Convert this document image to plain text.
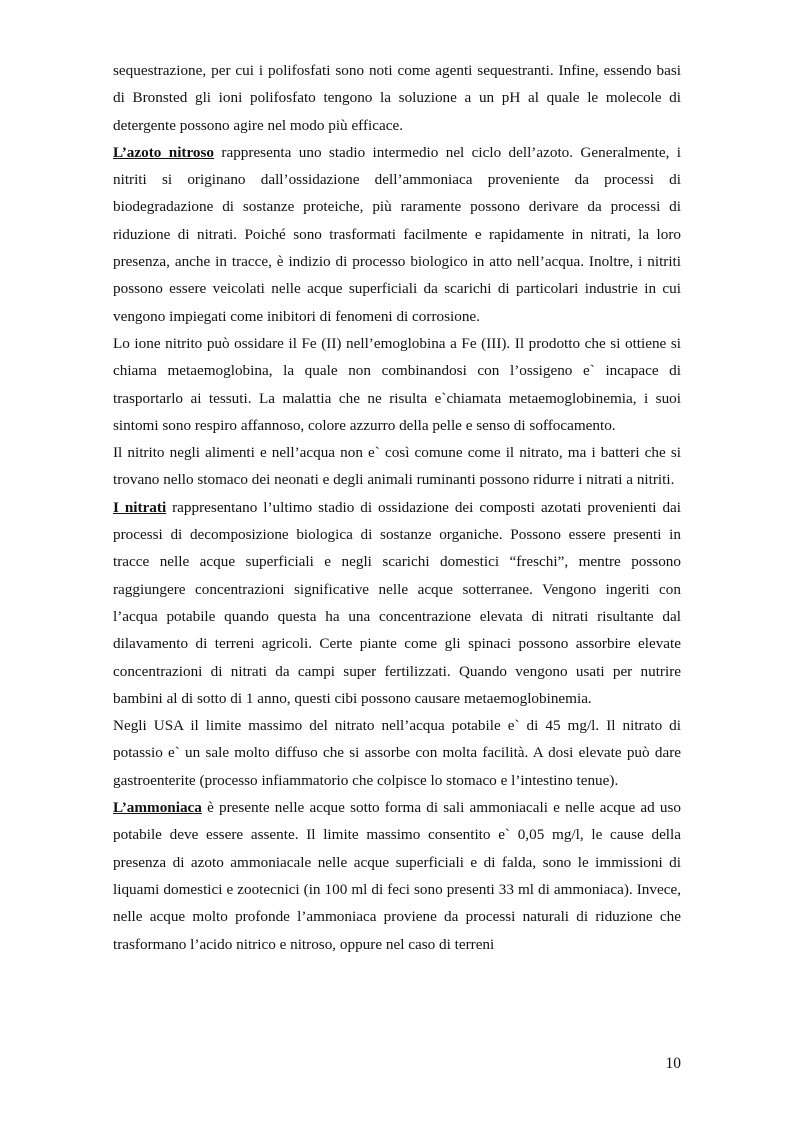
sequestrazione, per cui i polifosfati sono noti come agenti sequestranti. Infine, essendo basi di Bronsted gli ioni polifosfato tengono la soluzione a un pH al quale le molecole di detergente possono agire nel modo più efficace.

L’azoto nitroso rappresenta uno stadio intermedio nel ciclo dell’azoto. Generalmente, i nitriti si originano dall’ossidazione dell’ammoniaca proveniente da processi di biodegradazione di sostanze proteiche, più raramente possono derivare da processi di riduzione di nitrati. Poiché sono trasformati facilmente e rapidamente in nitrati, la loro presenza, anche in tracce, è indizio di processo biologico in atto nell’acqua. Inoltre, i nitriti possono essere veicolati nelle acque superficiali da scarichi di particolari industrie in cui vengono impiegati come inibitori di fenomeni di corrosione.

Lo ione nitrito può ossidare il Fe (II) nell’emoglobina a Fe (III). Il prodotto che si ottiene si chiama metaemoglobina, la quale non combinandosi con l’ossigeno e` incapace di trasportarlo ai tessuti. La malattia che ne risulta e`chiamata metaemoglobinemia, i suoi sintomi sono respiro affannoso, colore azzurro della pelle e senso di soffocamento.

Il nitrito negli alimenti e nell’acqua non e` così comune come il nitrato, ma i batteri che si trovano nello stomaco dei neonati e degli animali ruminanti possono ridurre i nitrati a nitriti.

I nitrati rappresentano l’ultimo stadio di ossidazione dei composti azotati provenienti dai processi di decomposizione biologica di sostanze organiche. Possono essere presenti in tracce nelle acque superficiali e negli scarichi domestici “freschi”, mentre possono raggiungere concentrazioni significative nelle acque sotterranee. Vengono ingeriti con l’acqua potabile quando questa ha una concentrazione elevata di nitrati risultante dal dilavamento di terreni agricoli. Certe piante come gli spinaci possono assorbire elevate concentrazioni di nitrati da campi super fertilizzati. Quando vengono usati per nutrire bambini al di sotto di 1 anno, questi cibi possono causare metaemoglobinemia.

Negli USA il limite massimo del nitrato nell’acqua potabile e` di 45 mg/l. Il nitrato di potassio e` un sale molto diffuso che si assorbe con molta facilità. A dosi elevate può dare gastroenterite (processo infiammatorio che colpisce lo stomaco e l’intestino tenue).

L’ammoniaca è presente nelle acque sotto forma di sali ammoniacali e nelle acque ad uso potabile deve essere assente. Il limite massimo consentito e` 0,05 mg/l, le cause della presenza di azoto ammoniacale nelle acque superficiali e di falda, sono le immissioni di liquami domestici e zootecnici (in 100 ml di feci sono presenti 33 ml di ammoniaca). Invece, nelle acque molto profonde l’ammoniaca proviene da processi naturali di riduzione che trasformano l’acido nitrico e nitroso, oppure nel caso di terreni

10
